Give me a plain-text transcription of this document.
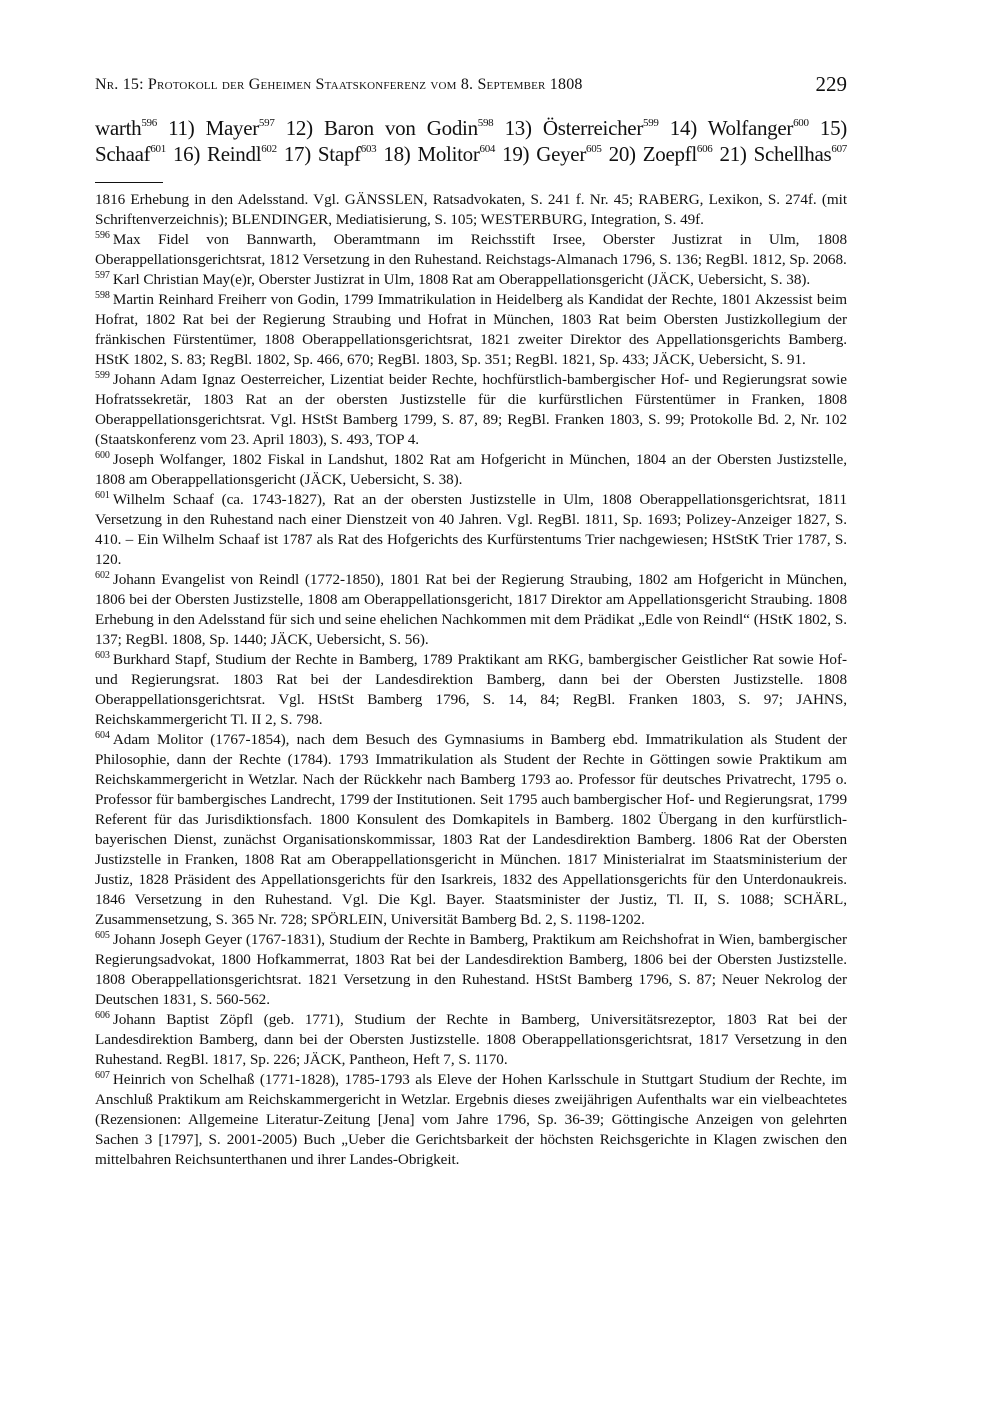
Nr. 15: Protokoll der Geheimen Staatskonferenz vom 8. September 1808	229
warth$^{596}$ 11) Mayer$^{597}$ 12) Baron von Godin$^{598}$ 13) Österreicher$^{599}$ 14) Wolfanger$^{600}$ 15)
Schaaf$^{601}$ 16) Reindl$^{602}$ 17) Stapf$^{603}$ 18) Molitor$^{604}$ 19) Geyer$^{605}$ 20) Zoepfl$^{606}$ 21) Schellhas$^{607}$

1816 Erhebung in den Adelsstand. Vgl. GÄNSSLEN, Ratsadvokaten, S. 241 f. Nr. 45; RABERG, Lexikon, S. 274f. (mit Schriftenverzeichnis); BLENDINGER, Mediatisierung, S. 105; WESTERBURG, Integration, S. 49f.

$^{596}$ Max Fidel von Bannwarth, Oberamtmann im Reichsstift Irsee, Oberster Justizrat in Ulm, 1808 Oberappellationsgerichtsrat, 1812 Versetzung in den Ruhestand. Reichstags-Almanach 1796, S. 136; RegBl. 1812, Sp. 2068.

$^{597}$ Karl Christian May(e)r, Oberster Justizrat in Ulm, 1808 Rat am Oberappellationsgericht (JÄCK, Uebersicht, S. 38).

$^{598}$ Martin Reinhard Freiherr von Godin, 1799 Immatrikulation in Heidelberg als Kandidat der Rechte, 1801 Akzessist beim Hofrat, 1802 Rat bei der Regierung Straubing und Hofrat in München, 1803 Rat beim Obersten Justizkollegium der fränkischen Fürstentümer, 1808 Oberappellationsgerichtsrat, 1821 zweiter Direktor des Appellationsgerichts Bamberg. HStK 1802, S. 83; RegBl. 1802, Sp. 466, 670; RegBl. 1803, Sp. 351; RegBl. 1821, Sp. 433; JÄCK, Uebersicht, S. 91.

$^{599}$ Johann Adam Ignaz Oesterreicher, Lizentiat beider Rechte, hochfürstlich-bambergischer Hof- und Regierungsrat sowie Hofratssekretär, 1803 Rat an der obersten Justizstelle für die kurfürstlichen Fürstentümer in Franken, 1808 Oberappellationsgerichtsrat. Vgl. HStSt Bamberg 1799, S. 87, 89; RegBl. Franken 1803, S. 99; Protokolle Bd. 2, Nr. 102 (Staatskonferenz vom 23. April 1803), S. 493, TOP 4.

$^{600}$ Joseph Wolfanger, 1802 Fiskal in Landshut, 1802 Rat am Hofgericht in München, 1804 an der Obersten Justizstelle, 1808 am Oberappellationsgericht (JÄCK, Uebersicht, S. 38).

$^{601}$ Wilhelm Schaaf (ca. 1743-1827), Rat an der obersten Justizstelle in Ulm, 1808 Oberappellationsgerichtsrat, 1811 Versetzung in den Ruhestand nach einer Dienstzeit von 40 Jahren. Vgl. RegBl. 1811, Sp. 1693; Polizey-Anzeiger 1827, S. 410. – Ein Wilhelm Schaaf ist 1787 als Rat des Hofgerichts des Kurfürstentums Trier nachgewiesen; HStStK Trier 1787, S. 120.

$^{602}$ Johann Evangelist von Reindl (1772-1850), 1801 Rat bei der Regierung Straubing, 1802 am Hofgericht in München, 1806 bei der Obersten Justizstelle, 1808 am Oberappellationsgericht, 1817 Direktor am Appellationsgericht Straubing. 1808 Erhebung in den Adelsstand für sich und seine ehelichen Nachkommen mit dem Prädikat „Edle von Reindl“ (HStK 1802, S. 137; RegBl. 1808, Sp. 1440; JÄCK, Uebersicht, S. 56).

$^{603}$ Burkhard Stapf, Studium der Rechte in Bamberg, 1789 Praktikant am RKG, bambergischer Geistlicher Rat sowie Hof- und Regierungsrat. 1803 Rat bei der Landesdirektion Bamberg, dann bei der Obersten Justizstelle. 1808 Oberappellationsgerichtsrat. Vgl. HStSt Bamberg 1796, S. 14, 84; RegBl. Franken 1803, S. 97; JAHNS, Reichskammergericht Tl. II 2, S. 798.

$^{604}$ Adam Molitor (1767-1854), nach dem Besuch des Gymnasiums in Bamberg ebd. Immatrikulation als Student der Philosophie, dann der Rechte (1784). 1793 Immatrikulation als Student der Rechte in Göttingen sowie Praktikum am Reichskammergericht in Wetzlar. Nach der Rückkehr nach Bamberg 1793 ao. Professor für deutsches Privatrecht, 1795 o. Professor für bambergisches Landrecht, 1799 der Institutionen. Seit 1795 auch bambergischer Hof- und Regierungsrat, 1799 Referent für das Jurisdiktionsfach. 1800 Konsulent des Domkapitels in Bamberg. 1802 Übergang in den kurfürstlich-bayerischen Dienst, zunächst Organisationskommissar, 1803 Rat der Landesdirektion Bamberg. 1806 Rat der Obersten Justizstelle in Franken, 1808 Rat am Oberappellationsgericht in München. 1817 Ministerialrat im Staatsministerium der Justiz, 1828 Präsident des Appellationsgerichts für den Isarkreis, 1832 des Appellationsgerichts für den Unterdonaukreis. 1846 Versetzung in den Ruhestand. Vgl. Die Kgl. Bayer. Staatsminister der Justiz, Tl. II, S. 1088; SCHÄRL, Zusammensetzung, S. 365 Nr. 728; SPÖRLEIN, Universität Bamberg Bd. 2, S. 1198-1202.

$^{605}$ Johann Joseph Geyer (1767-1831), Studium der Rechte in Bamberg, Praktikum am Reichshofrat in Wien, bambergischer Regierungsadvokat, 1800 Hofkammerrat, 1803 Rat bei der Landesdirektion Bamberg, 1806 bei der Obersten Justizstelle. 1808 Oberappellationsgerichtsrat. 1821 Versetzung in den Ruhestand. HStSt Bamberg 1796, S. 87; Neuer Nekrolog der Deutschen 1831, S. 560-562.

$^{606}$ Johann Baptist Zöpfl (geb. 1771), Studium der Rechte in Bamberg, Universitätsrezeptor, 1803 Rat bei der Landesdirektion Bamberg, dann bei der Obersten Justizstelle. 1808 Oberappellationsgerichtsrat, 1817 Versetzung in den Ruhestand. RegBl. 1817, Sp. 226; JÄCK, Pantheon, Heft 7, S. 1170.

$^{607}$ Heinrich von Schelhaß (1771-1828), 1785-1793 als Eleve der Hohen Karlsschule in Stuttgart Studium der Rechte, im Anschluß Praktikum am Reichskammergericht in Wetzlar. Ergebnis dieses zweijährigen Aufenthalts war ein vielbeachtetes (Rezensionen: Allgemeine Literatur-Zeitung [Jena] vom Jahre 1796, Sp. 36-39; Göttingische Anzeigen von gelehrten Sachen 3 [1797], S. 2001-2005) Buch „Ueber die Gerichtsbarkeit der höchsten Reichsgerichte in Klagen zwischen den mittelbahren Reichsunterthanen und ihrer Landes-Obrigkeit.
